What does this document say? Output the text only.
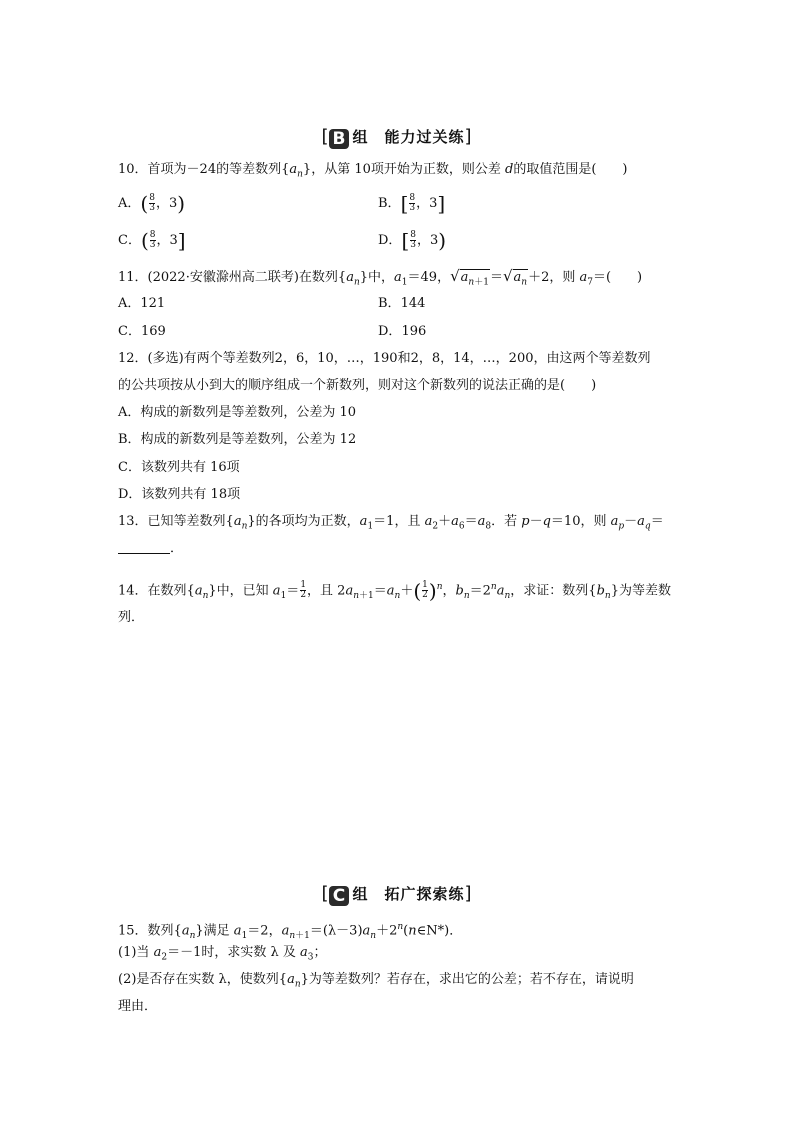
[ B 组　能力过关练]
10．首项为－24的等差数列$\{a_n\}$，从第 10项开始为正数，则公差 d的取值范围是(　　)
A．( $\frac{8}{3}$ ，3)	B．[ $\frac{8}{3}$ ，3]
C．( $\frac{8}{3}$ ，3]	D．[ $\frac{8}{3}$ ，3)
11．(2022·安徽滁州高二联考)在数列$\{a_n\}$中，$a_1=49$，$√a_{n+1}=√a_n+2$，则 $a_7=$(　　)
A．121	B．144
C．169	D．196
12．(多选)有两个等差数列2，6，10，…，190和2，8，14，…，200，由这两个等差数列
的公共项按从小到大的顺序组成一个新数列，则对这个新数列的说法正确的是(　　)
A．构成的新数列是等差数列，公差为 10
B．构成的新数列是等差数列，公差为 12
C．该数列共有 16项
D．该数列共有 18项
13．已知等差数列$\{a_n\}$的各项均为正数，$a_1=1$，且 $a_2+a_6=a_8$．若 p－q＝10，则 $a_p-a_q=$
．
14．在数列$\{a_n\}$中，已知 $a_1= \frac{1}{2}$ ，且 $2a_{n+1}=a_n+( \frac{1}{2} )^n$，$b_n=2^na_n$，求证：数列$\{b_n\}$为等差数
列．
[ C 组　拓广探索练]
15．数列$\{a_n\}$满足 $a_1=2$，$a_{n+1}=(\lambda-3)a_n+2^n(n\in N*)$．
(1)当 $a_2=-1$时，求实数 λ 及 $a_3$；
(2)是否存在实数 λ，使数列$\{a_n\}$为等差数列？若存在，求出它的公差；若不存在，请说明
理由．
